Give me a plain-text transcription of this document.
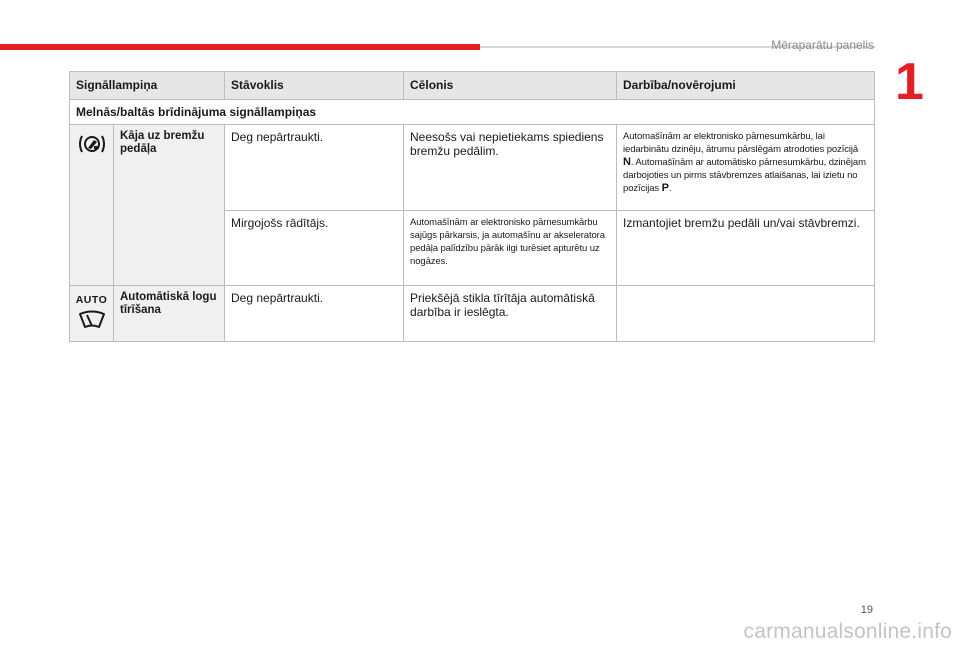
Mēraparātu panelis
1
Signāllampiņa		Stāvoklis	Cēlonis	Darbība/novērojumi
Melnās/baltās brīdinājuma signāllampiņas				
	Kāja uz bremžu pedāļa	Deg nepārtraukti.	Neesošs vai nepietiekams spiediens bremžu pedālim.	Automašīnām ar elektronisko pārnesumkārbu, lai iedarbinātu dzinēju, ātrumu pārslēgam atrodoties pozīcijā N. Automašīnām ar automātisko pārnesumkārbu, dzinējam darbojoties un pirms stāvbremzes atlaišanas, lai izietu no pozīcijas P.
		Mirgojošs rādītājs.	Automašīnām ar elektronisko pārnesumkārbu sajūgs pārkarsis, ja automašīnu ar akseleratora pedāļa palīdzību pārāk ilgi turēsiet apturētu uz nogāzes.	Izmantojiet bremžu pedāli un/vai stāvbremzi.

AUTO	Automātiskā logu tīrīšana	Deg nepārtraukti.	Priekšējā stikla tīrītāja automātiskā darbība ir ieslēgta.	
19
carmanualsonline.info
